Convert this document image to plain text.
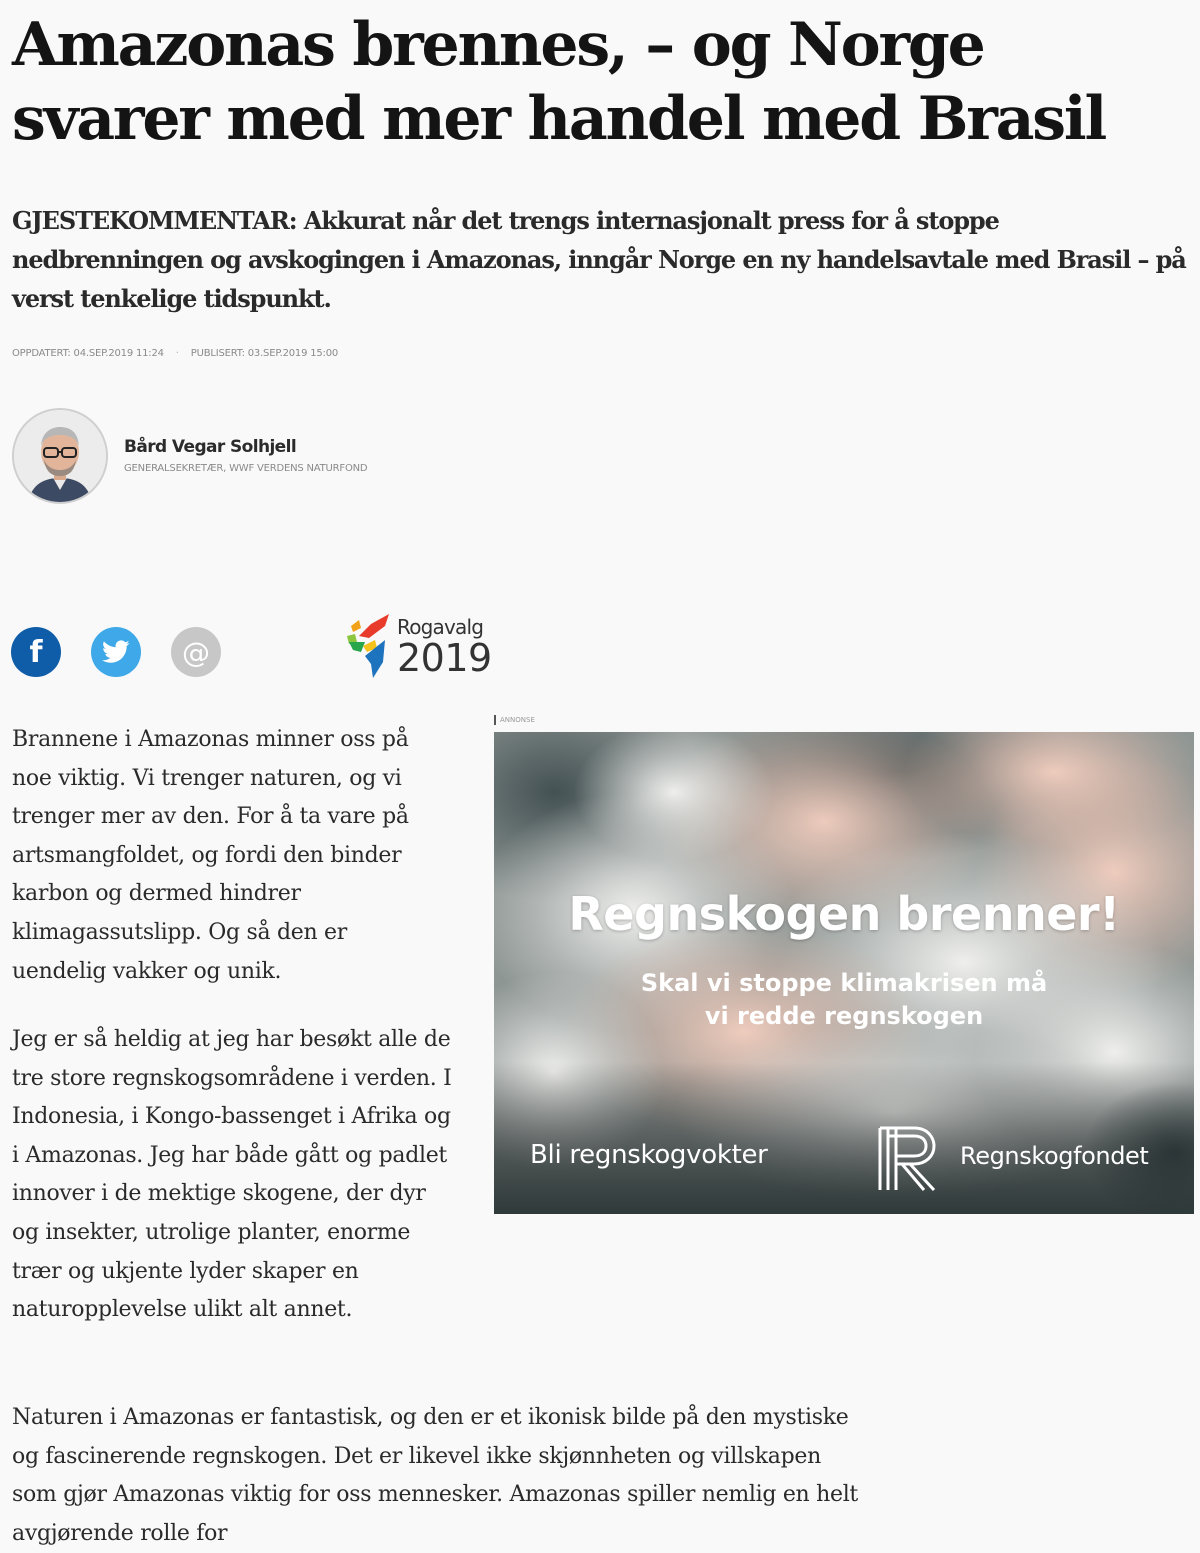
Amazonas brennes, – og Norge svarer med mer handel med Brasil

GJESTEKOMMENTAR: Akkurat når det trengs internasjonalt press for å stoppe nedbrenningen og avskogingen i Amazonas, inngår Norge en ny handelsavtale med Brasil – på verst tenkelige tidspunkt.

OPPDATERT: 04.SEP.2019 11:24 · PUBLISERT: 03.SEP.2019 15:00
Bård Vegar Solhjell
GENERALSEKRETÆR, WWF VERDENS NATURFOND
f	@
Rogavalg
2019

Brannene i Amazonas minner oss på noe viktig. Vi trenger naturen, og vi trenger mer av den. For å ta vare på artsmangfoldet, og fordi den binder karbon og dermed hindrer klimagassutslipp. Og så den er uendelig vakker og unik.

ANNONSE
Regnskogen brenner!
Skal vi stoppe klimakrisen må
vi redde regnskogen
Bli regnskogvokter	Regnskogfondet

Jeg er så heldig at jeg har besøkt alle de tre store regnskogsområdene i verden. I Indonesia, i Kongo-bassenget i Afrika og i Amazonas. Jeg har både gått og padlet innover i de mektige skogene, der dyr og insekter, utrolige planter, enorme trær og ukjente lyder skaper en naturopplevelse ulikt alt annet.

Naturen i Amazonas er fantastisk, og den er et ikonisk bilde på den mystiske og fascinerende regnskogen. Det er likevel ikke skjønnheten og villskapen som gjør Amazonas viktig for oss mennesker. Amazonas spiller nemlig en helt avgjørende rolle for
